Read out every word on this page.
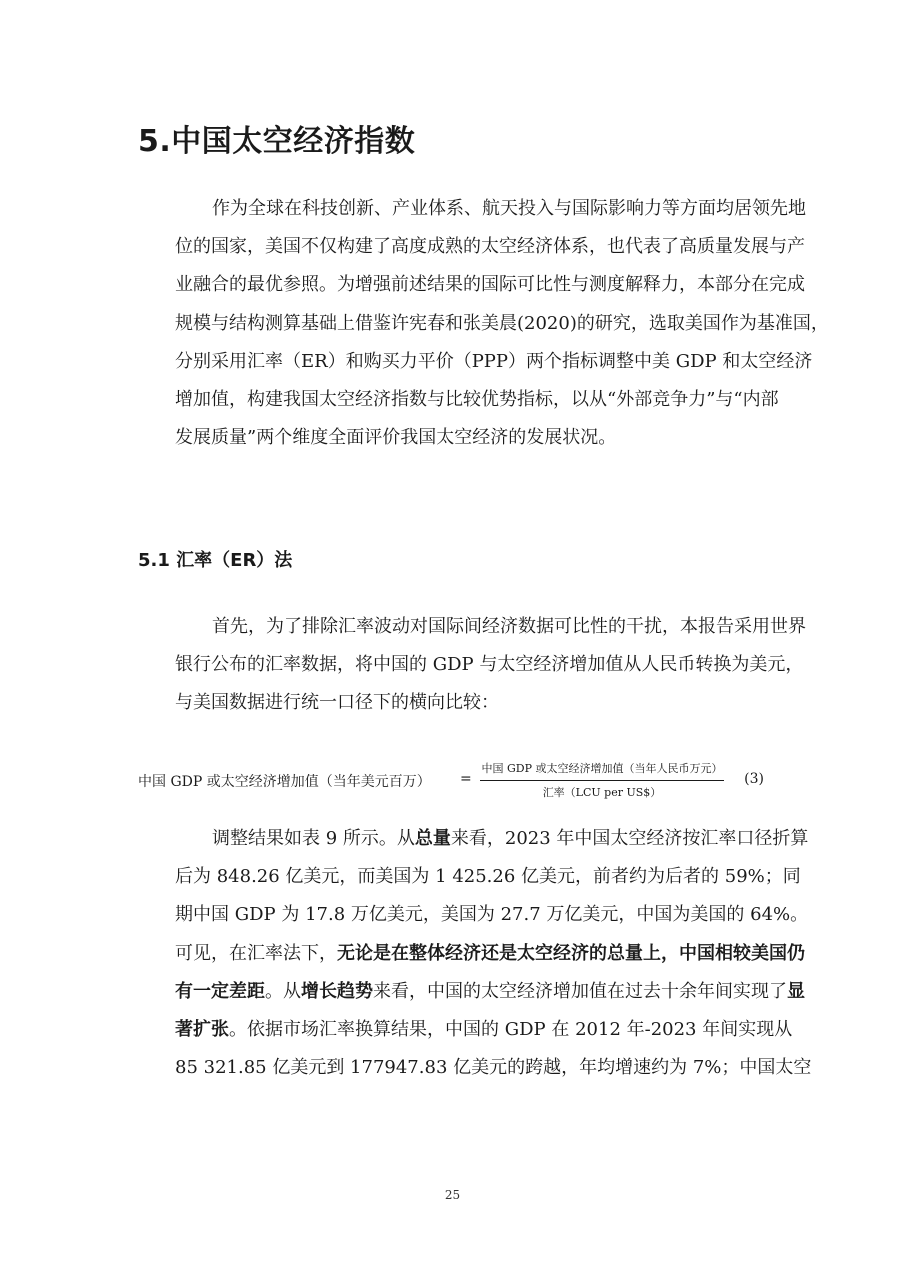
5.中国太空经济指数
作为全球在科技创新、产业体系、航天投入与国际影响力等方面均居领先地
位的国家，美国不仅构建了高度成熟的太空经济体系，也代表了高质量发展与产
业融合的最优参照。为增强前述结果的国际可比性与测度解释力，本部分在完成
规模与结构测算基础上借鉴许宪春和张美晨(2020)的研究，选取美国作为基准国，
分别采用汇率（ER）和购买力平价（PPP）两个指标调整中美 GDP 和太空经济
增加值，构建我国太空经济指数与比较优势指标，以从“外部竞争力”与“内部
发展质量”两个维度全面评价我国太空经济的发展状况。
5.1 汇率（ER）法
首先，为了排除汇率波动对国际间经济数据可比性的干扰，本报告采用世界
银行公布的汇率数据，将中国的 GDP 与太空经济增加值从人民币转换为美元，
与美国数据进行统一口径下的横向比较：
中国 GDP 或太空经济增加值（当年美元百万） =
中国 GDP 或太空经济增加值（当年人民币万元）
汇率（LCU per US$）
(3)
调整结果如表 9 所示。从总量来看，2023 年中国太空经济按汇率口径折算
后为 848.26 亿美元，而美国为 1 425.26 亿美元，前者约为后者的 59%；同
期中国 GDP 为 17.8 万亿美元，美国为 27.7 万亿美元，中国为美国的 64%。
可见，在汇率法下，无论是在整体经济还是太空经济的总量上，中国相较美国仍
有一定差距。从增长趋势来看，中国的太空经济增加值在过去十余年间实现了显
著扩张。依据市场汇率换算结果，中国的 GDP 在 2012 年-2023 年间实现从
85 321.85 亿美元到 177947.83 亿美元的跨越，年均增速约为 7%；中国太空
25
